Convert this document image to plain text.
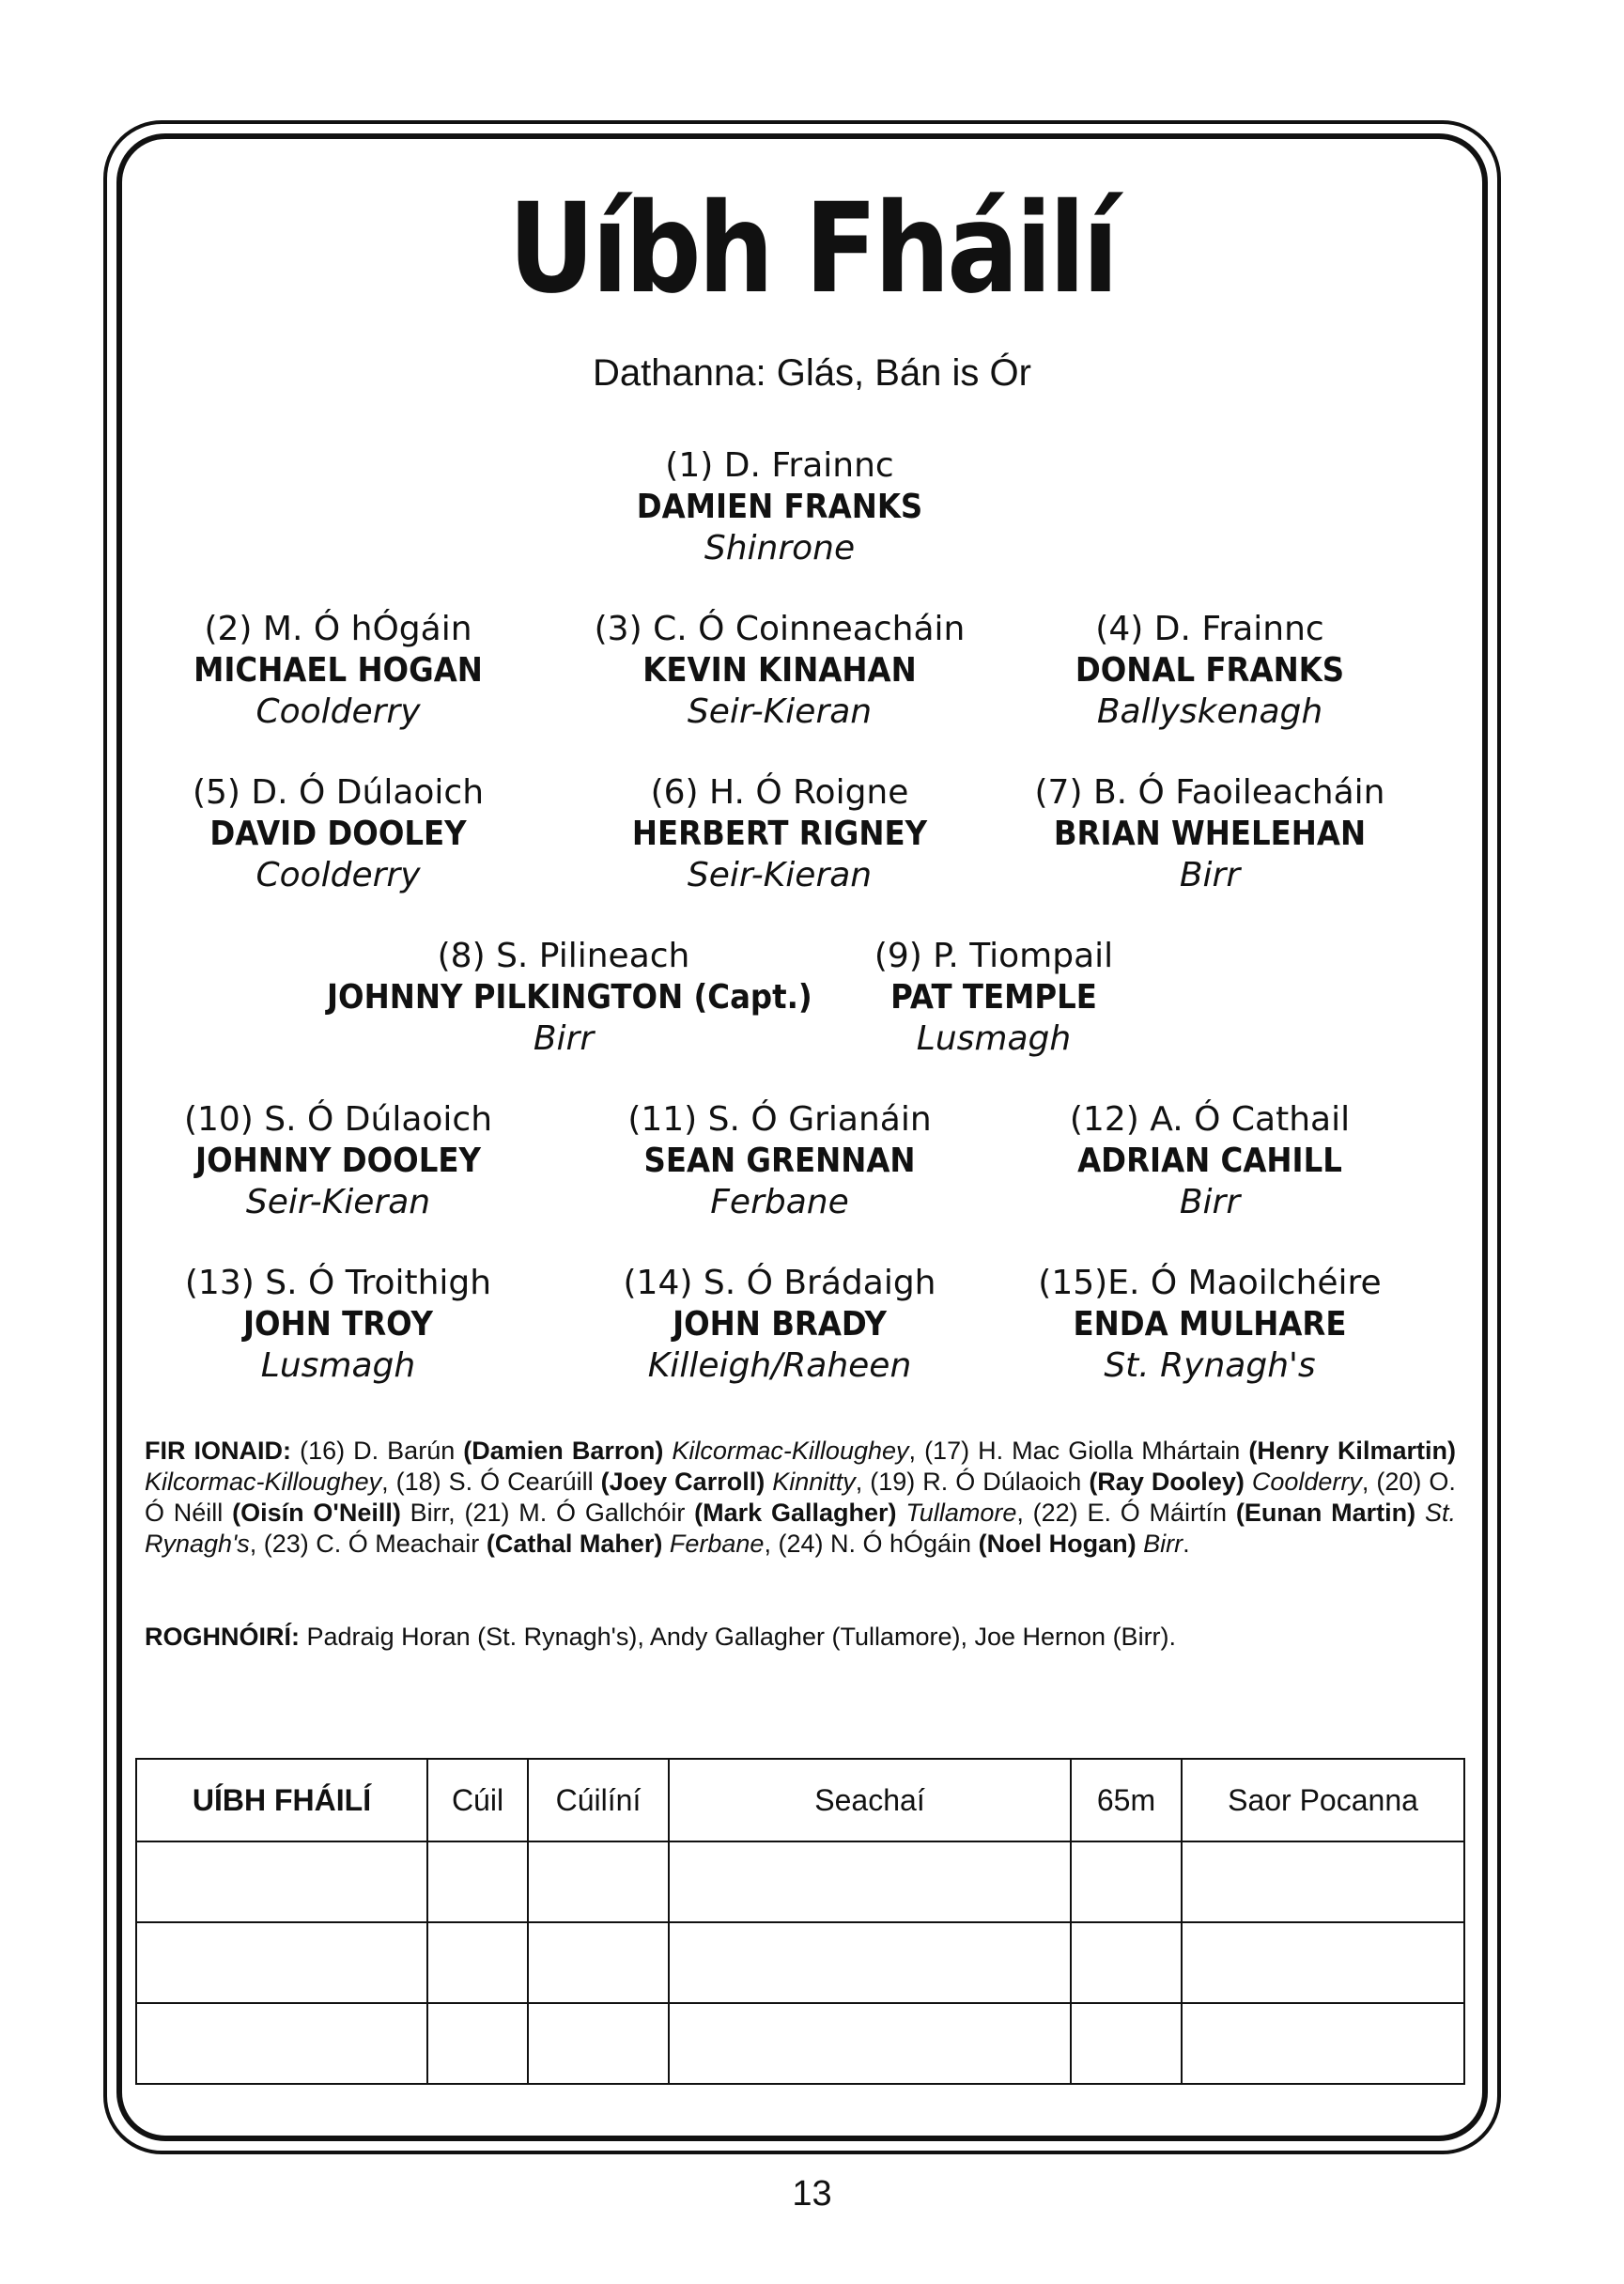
Uíbh Fháilí
Dathanna: Glás, Bán is Ór
(1) D. Frainnc
DAMIEN FRANKS
Shinrone
(2) M. Ó hÓgáin
MICHAEL HOGAN
Coolderry
(3) C. Ó Coinneacháin
KEVIN KINAHAN
Seir-Kieran
(4) D. Frainnc
DONAL FRANKS
Ballyskenagh
(5) D. Ó Dúlaoich
DAVID DOOLEY
Coolderry
(6) H. Ó Roigne
HERBERT RIGNEY
Seir-Kieran
(7) B. Ó Faoileacháin
BRIAN WHELEHAN
Birr
(8) S. Pilineach
JOHNNY PILKINGTON (Capt.)
Birr
(9) P. Tiompail
PAT TEMPLE
Lusmagh
(10) S. Ó Dúlaoich
JOHNNY DOOLEY
Seir-Kieran
(11) S. Ó Grianáin
SEAN GRENNAN
Ferbane
(12) A. Ó Cathail
ADRIAN CAHILL
Birr
(13) S. Ó Troithigh
JOHN TROY
Lusmagh
(14) S. Ó Brádaigh
JOHN BRADY
Killeigh/Raheen
(15)E. Ó Maoilchéire
ENDA MULHARE
St. Rynagh's
FIR IONAID: (16) D. Barún (Damien Barron) Kilcormac-Killoughey, (17) H. Mac Giolla Mhártain (Henry Kilmartin) Kilcormac-Killoughey, (18) S. Ó Cearúill (Joey Carroll) Kinnitty, (19) R. Ó Dúlaoich (Ray Dooley) Coolderry, (20) O. Ó Néill (Oisín O'Neill) Birr, (21) M. Ó Gallchóir (Mark Gallagher) Tullamore, (22) E. Ó Máirtín (Eunan Martin) St. Rynagh's, (23) C. Ó Meachair (Cathal Maher) Ferbane, (24) N. Ó hÓgáin (Noel Hogan) Birr.
ROGHNÓIRÍ: Padraig Horan (St. Rynagh's), Andy Gallagher (Tullamore), Joe Hernon (Birr).
UÍBH FHÁILÍ	Cúil	Cúilíní	Seachaí	65m	Saor Pocanna

13
